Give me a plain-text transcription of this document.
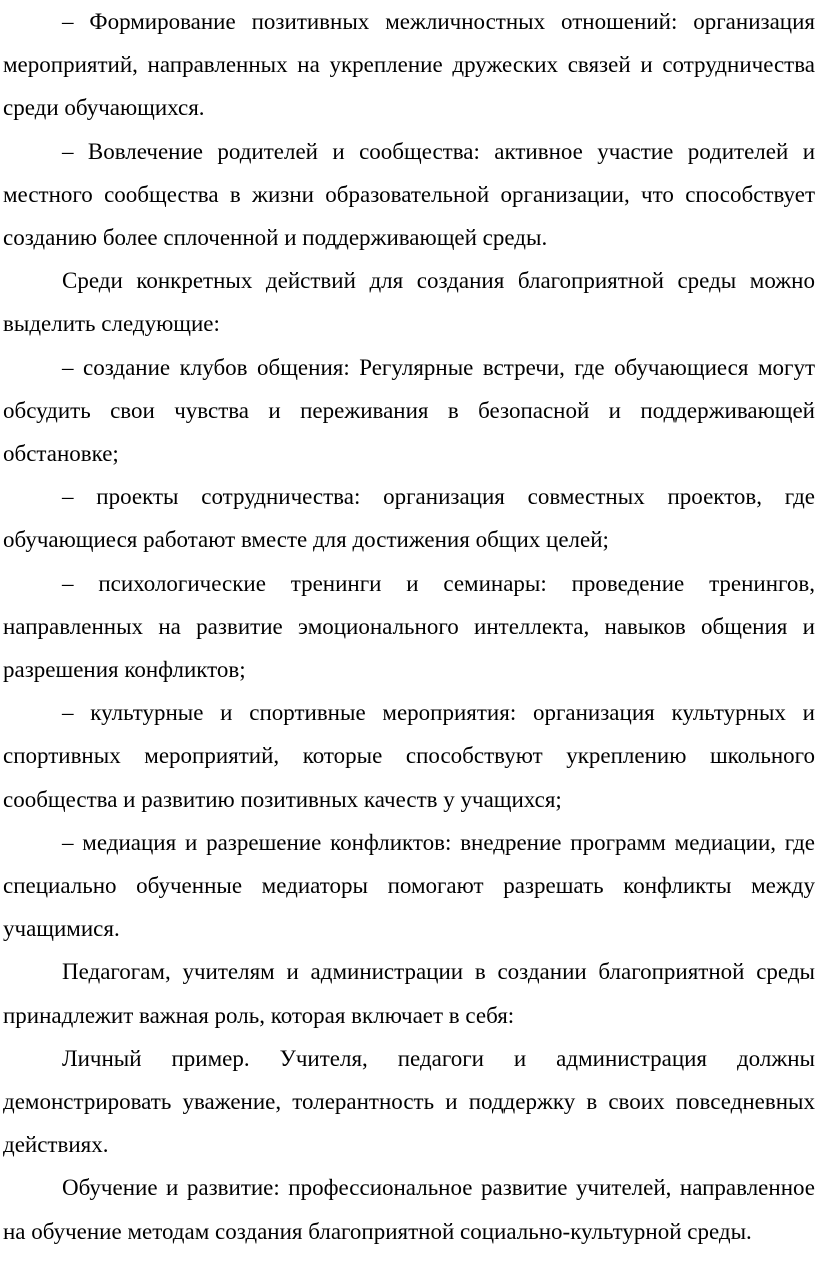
– Формирование позитивных межличностных отношений: организация мероприятий, направленных на укрепление дружеских связей и сотрудничества среди обучающихся.

– Вовлечение родителей и сообщества: активное участие родителей и местного сообщества в жизни образовательной организации, что способствует созданию более сплоченной и поддерживающей среды.

Среди конкретных действий для создания благоприятной среды можно выделить следующие:

– создание клубов общения: Регулярные встречи, где обучающиеся могут обсудить свои чувства и переживания в безопасной и поддерживающей обстановке;

– проекты сотрудничества: организация совместных проектов, где обучающиеся работают вместе для достижения общих целей;

– психологические тренинги и семинары: проведение тренингов, направленных на развитие эмоционального интеллекта, навыков общения и разрешения конфликтов;

– культурные и спортивные мероприятия: организация культурных и спортивных мероприятий, которые способствуют укреплению школьного сообщества и развитию позитивных качеств у учащихся;

– медиация и разрешение конфликтов: внедрение программ медиации, где специально обученные медиаторы помогают разрешать конфликты между учащимися.

Педагогам, учителям и администрации в создании благоприятной среды принадлежит важная роль, которая включает в себя:

Личный пример. Учителя, педагоги и администрация должны демонстрировать уважение, толерантность и поддержку в своих повседневных действиях.

Обучение и развитие: профессиональное развитие учителей, направленное на обучение методам создания благоприятной социально-культурной среды.
